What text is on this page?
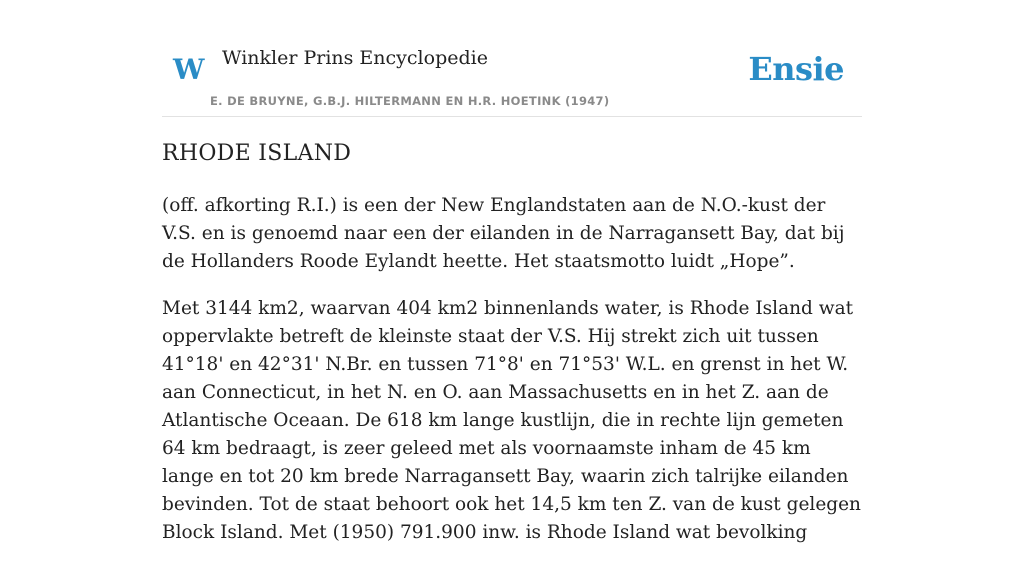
W Winkler Prins Encyclopedie
E. DE BRUYNE, G.B.J. HILTERMANN EN H.R. HOETINK (1947)
Ensie
RHODE ISLAND

(off. afkorting R.I.) is een der New Englandstaten aan de N.O.-kust der V.S. en is genoemd naar een der eilanden in de Narragansett Bay, dat bij de Hollanders Roode Eylandt heette. Het staatsmotto luidt „Hope”.

Met 3144 km2, waarvan 404 km2 binnenlands water, is Rhode Island wat oppervlakte betreft de kleinste staat der V.S. Hij strekt zich uit tussen 41°18' en 42°31' N.Br. en tussen 71°8' en 71°53' W.L. en grenst in het W. aan Connecticut, in het N. en O. aan Massachusetts en in het Z. aan de Atlantische Oceaan. De 618 km lange kustlijn, die in rechte lijn gemeten 64 km bedraagt, is zeer geleed met als voornaamste inham de 45 km lange en tot 20 km brede Narragansett Bay, waarin zich talrijke eilanden bevinden. Tot de staat behoort ook het 14,5 km ten Z. van de kust gelegen Block Island. Met (1950) 791.900 inw. is Rhode Island wat bevolking
